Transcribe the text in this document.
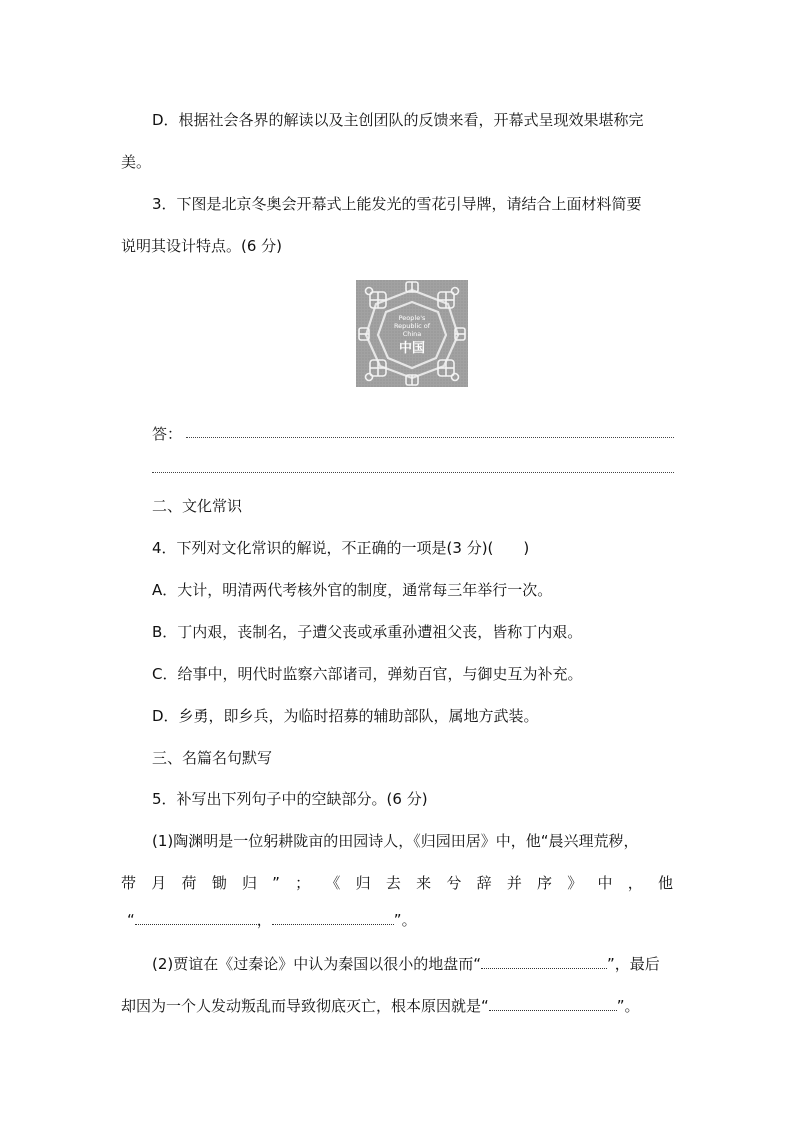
D．根据社会各界的解读以及主创团队的反馈来看，开幕式呈现效果堪称完
美。
3．下图是北京冬奥会开幕式上能发光的雪花引导牌，请结合上面材料简要
说明其设计特点。(6 分)
People's
Republic of
China
中国
答：
二、文化常识
4．下列对文化常识的解说，不正确的一项是(3 分)(　　)
A．大计，明清两代考核外官的制度，通常每三年举行一次。
B．丁内艰，丧制名，子遭父丧或承重孙遭祖父丧，皆称丁内艰。
C．给事中，明代时监察六部诸司，弹劾百官，与御史互为补充。
D．乡勇，即乡兵，为临时招募的辅助部队，属地方武装。
三、名篇名句默写
5．补写出下列句子中的空缺部分。(6 分)
(1)陶渊明是一位躬耕陇亩的田园诗人，《归园田居》中，他“晨兴理荒秽，
带 月 荷 锄 归 ” ； 《 归 去 来 兮 辞 并 序 》 中 ， 他
“	，	”。
(2)贾谊在《过秦论》中认为秦国以很小的地盘而“	”，最后
却因为一个人发动叛乱而导致彻底灭亡，根本原因就是“	”。
